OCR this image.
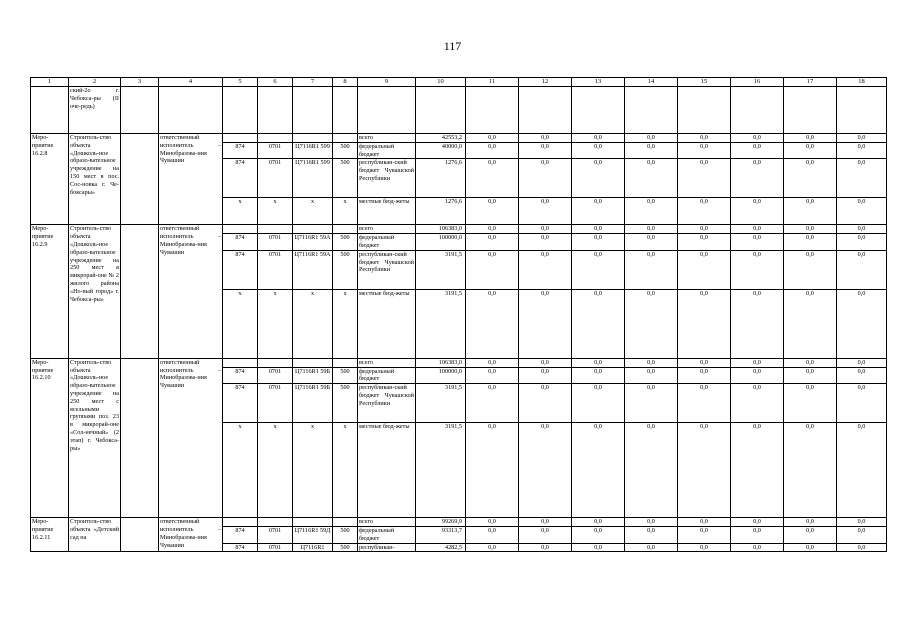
117
1	2	3	4	5	6	7	8	9	10	11	12	13	14	15	16	17	18
	ский-2о г. Чебокса-ры (II оче-редь)																
Меро-приятие 16.2.8	Строитель-ство объекта «Дошколь-ное образо-вательное учреждение на 150 мест в пос. Сос-новка г. Че-боксары»		ответственный исполнитель – Минобразова-ния Чувашии					всего	42553,2	0,0	0,0	0,0	0,0	0,0	0,0	0,0	0,0
				874	0701	Ц7116R1 599	500	федеральный бюджет	40000,0	0,0	0,0	0,0	0,0	0,0	0,0	0,0	0,0
				874	0701	Ц7116R1 599	500	республикан-ский бюджет Чувашской Республики	1276,6	0,0	0,0	0,0	0,0	0,0	0,0	0,0	0,0
				x	x	x	x	местные бюд-жеты	1276,6	0,0	0,0	0,0	0,0	0,0	0,0	0,0	0,0
Меро-приятие 16.2.9	Строитель-ство объекта «Дошколь-ное образо-вательное учреждение на 250 мест в микрорай-оне № 2 жилого района «Но-вый город» г. Чебокса-ры»		ответственный исполнитель – Минобразова-ния Чувашии					всего	106383,0	0,0	0,0	0,0	0,0	0,0	0,0	0,0	0,0
				874	0701	Ц7116R1 59А	500	федеральный бюджет	100000,0	0,0	0,0	0,0	0,0	0,0	0,0	0,0	0,0
				874	0701	Ц7116R1 59А	500	республикан-ский бюджет Чувашской Республики	3191,5	0,0	0,0	0,0	0,0	0,0	0,0	0,0	0,0
				x	x	x	x	местные бюд-жеты	3191,5	0,0	0,0	0,0	0,0	0,0	0,0	0,0	0,0
Меро-приятие 16.2.10	Строитель-ство объекта «Дошколь-ное образо-вательное учреждение на 250 мест с ясельными группами поз. 23 в микрорай-оне «Сол-нечный» (2 этап) г. Чебокса-ры»		ответственный исполнитель – Минобразова-ния Чувашии					всего	106383,0	0,0	0,0	0,0	0,0	0,0	0,0	0,0	0,0
				874	0701	Ц7116R1 59Б	500	федеральный бюджет	100000,0	0,0	0,0	0,0	0,0	0,0	0,0	0,0	0,0
				874	0701	Ц7116R1 59Б	500	республикан-ский бюджет Чувашской Республики	3191,5	0,0	0,0	0,0	0,0	0,0	0,0	0,0	0,0
				x	x	x	x	местные бюд-жеты	3191,5	0,0	0,0	0,0	0,0	0,0	0,0	0,0	0,0
Меро-приятие 16.2.11	Строитель-ство объекта «Детский сад на		ответственный исполнитель – Минобразова-ния Чувашии					всего	99269,9	0,0	0,0	0,0	0,0	0,0	0,0	0,0	0,0
				874	0701	Ц7116R1 59Д	500	федеральный бюджет	93313,7	0,0	0,0	0,0	0,0	0,0	0,0	0,0	0,0
				874	0701	Ц7116R1	500	республикан-	4282,5	0,0	0,0	0,0	0,0	0,0	0,0	0,0	0,0
